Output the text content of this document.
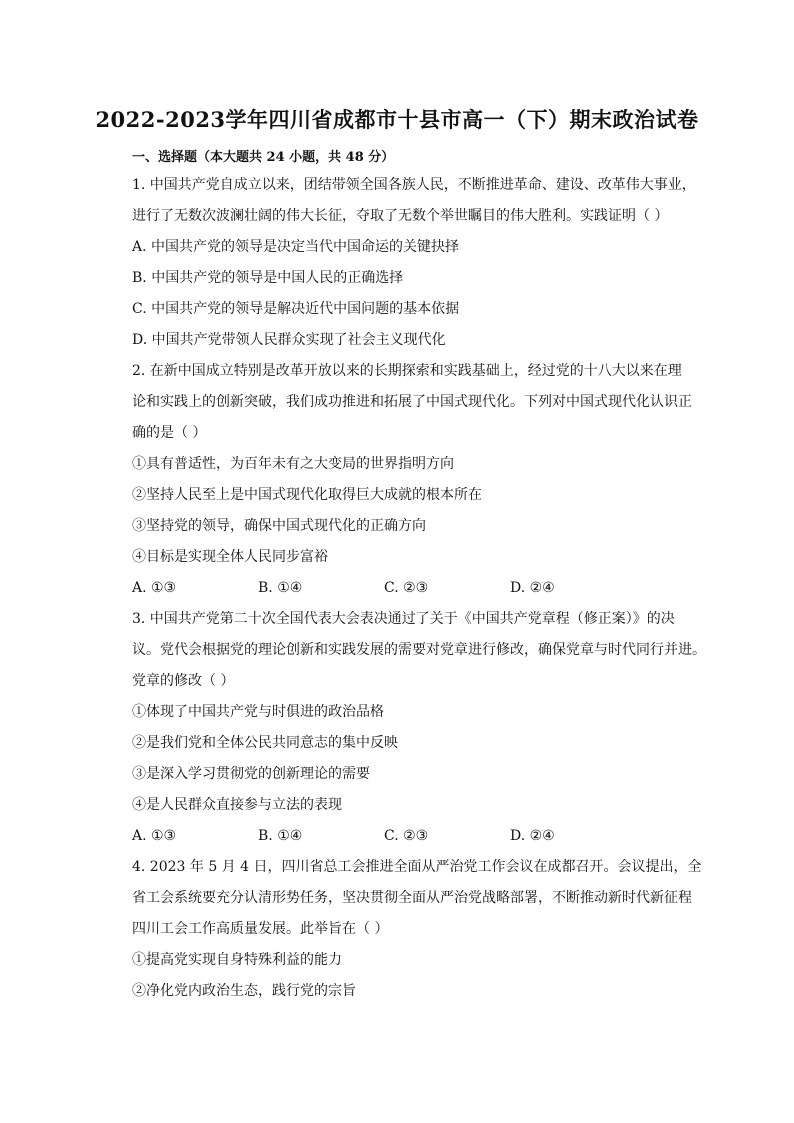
2022-2023学年四川省成都市十县市高一（下）期末政治试卷
一、选择题（本大题共 24 小题，共 48 分）
1. 中国共产党自成立以来，团结带领全国各族人民，不断推进革命、建设、改革伟大事业，
进行了无数次波澜壮阔的伟大长征，夺取了无数个举世瞩目的伟大胜利。实践证明（ ）
A. 中国共产党的领导是决定当代中国命运的关键抉择
B. 中国共产党的领导是中国人民的正确选择
C. 中国共产党的领导是解决近代中国问题的基本依据
D. 中国共产党带领人民群众实现了社会主义现代化
2. 在新中国成立特别是改革开放以来的长期探索和实践基础上，经过党的十八大以来在理
论和实践上的创新突破，我们成功推进和拓展了中国式现代化。下列对中国式现代化认识正
确的是（ ）
①具有普适性，为百年未有之大变局的世界指明方向
②坚持人民至上是中国式现代化取得巨大成就的根本所在
③坚持党的领导，确保中国式现代化的正确方向
④目标是实现全体人民同步富裕
A. ①③	B. ①④	C. ②③	D. ②④
3. 中国共产党第二十次全国代表大会表决通过了关于《中国共产党章程（修正案）》的决
议。党代会根据党的理论创新和实践发展的需要对党章进行修改，确保党章与时代同行并进。
党章的修改（ ）
①体现了中国共产党与时俱进的政治品格
②是我们党和全体公民共同意志的集中反映
③是深入学习贯彻党的创新理论的需要
④是人民群众直接参与立法的表现
A. ①③	B. ①④	C. ②③	D. ②④
4. 2023 年 5 月 4 日，四川省总工会推进全面从严治党工作会议在成都召开。会议提出，全
省工会系统要充分认清形势任务，坚决贯彻全面从严治党战略部署，不断推动新时代新征程
四川工会工作高质量发展。此举旨在（ ）
①提高党实现自身特殊利益的能力
②净化党内政治生态，践行党的宗旨
